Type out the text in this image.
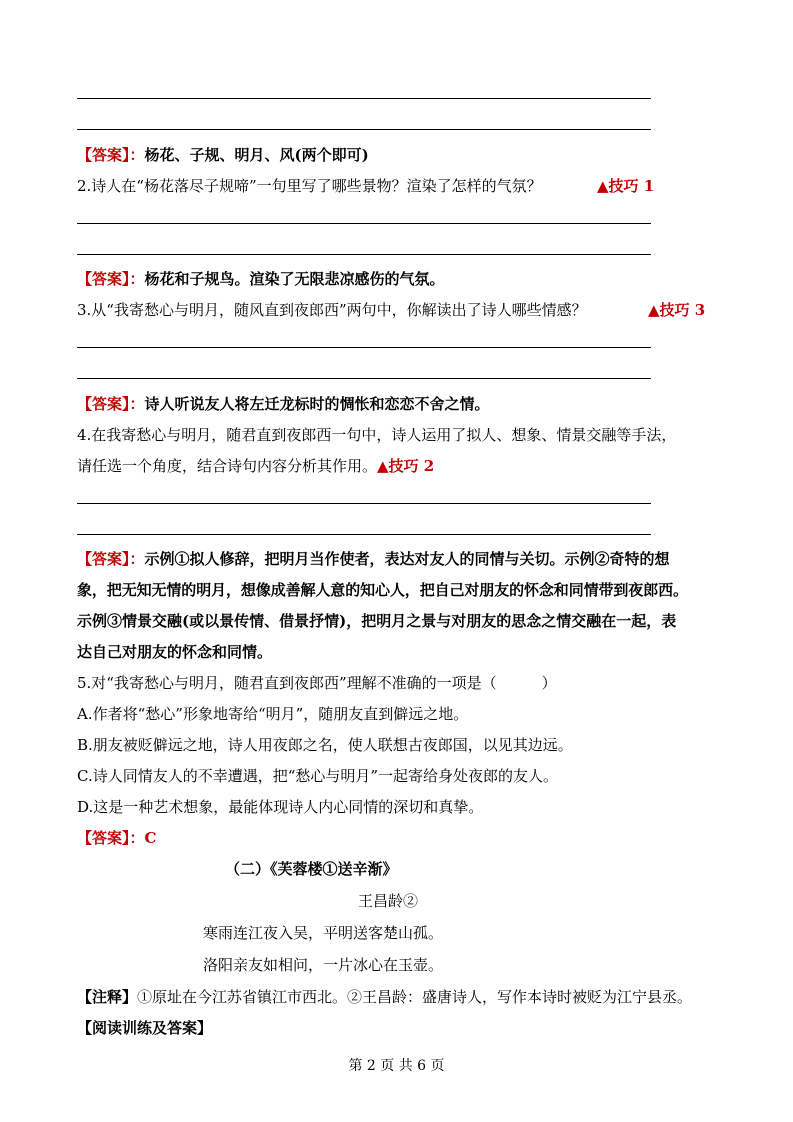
【答案】：杨花、子规、明月、风(两个即可)
2.诗人在“杨花落尽子规啼”一句里写了哪些景物？渲染了怎样的气氛？	▲技巧 1
【答案】：杨花和子规鸟。渲染了无限悲凉感伤的气氛。
3.从“我寄愁心与明月，随风直到夜郎西”两句中，你解读出了诗人哪些情感？	▲技巧 3
【答案】：诗人听说友人将左迁龙标时的惆怅和恋恋不舍之情。
4.在我寄愁心与明月，随君直到夜郎西一句中，诗人运用了拟人、想象、情景交融等手法，
请任选一个角度，结合诗句内容分析其作用。▲技巧 2
【答案】：示例①拟人修辞，把明月当作使者，表达对友人的同情与关切。示例②奇特的想
象，把无知无情的明月，想像成善解人意的知心人，把自己对朋友的怀念和同情带到夜郎西。
示例③情景交融(或以景传情、借景抒情)，把明月之景与对朋友的思念之情交融在一起，表
达自己对朋友的怀念和同情。
5.对“我寄愁心与明月，随君直到夜郎西”理解不准确的一项是（　　　）
A.作者将“愁心”形象地寄给“明月”，随朋友直到僻远之地。
B.朋友被贬僻远之地，诗人用夜郎之名，使人联想古夜郎国，以见其边远。
C.诗人同情友人的不幸遭遇，把“愁心与明月”一起寄给身处夜郎的友人。
D.这是一种艺术想象，最能体现诗人内心同情的深切和真挚。
【答案】：C
（二）《芙蓉楼①送辛渐》
王昌龄②
寒雨连江夜入吴，平明送客楚山孤。
洛阳亲友如相问，一片冰心在玉壶。
【注释】①原址在今江苏省镇江市西北。②王昌龄：盛唐诗人，写作本诗时被贬为江宁县丞。
【阅读训练及答案】
第 2 页 共 6 页
